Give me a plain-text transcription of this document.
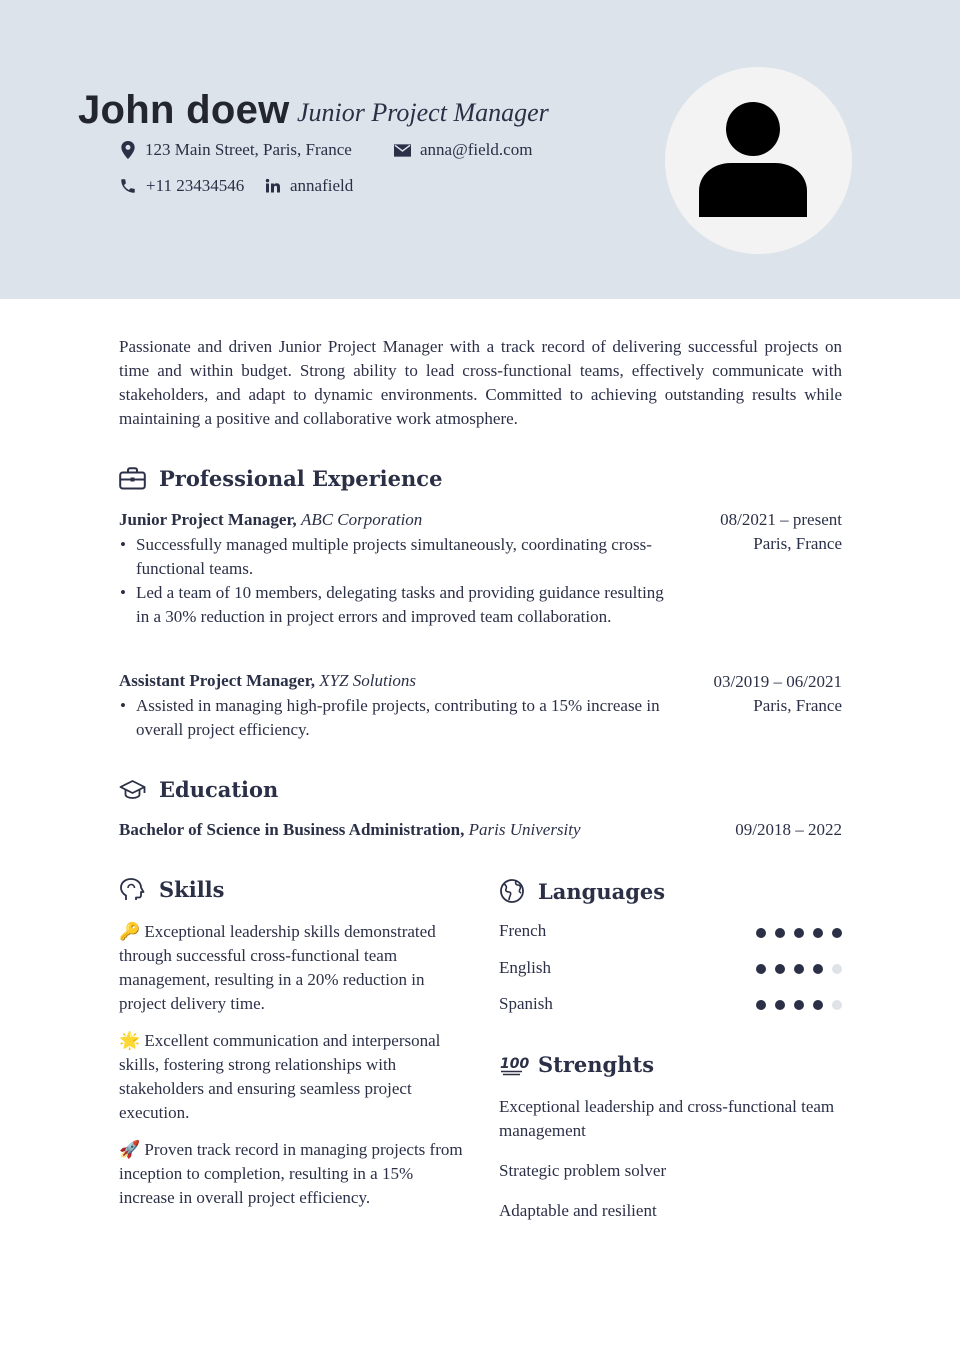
John doew Junior Project Manager
123 Main Street, Paris, France	anna@field.com
+11 23434546	annafield
Passionate and driven Junior Project Manager with a track record of delivering successful projects on time and within budget. Strong ability to lead cross-functional teams, effectively communicate with stakeholders, and adapt to dynamic environments. Committed to achieving outstanding results while maintaining a positive and collaborative work atmosphere.
Professional Experience
Junior Project Manager, ABC Corporation	08/2021 – present
Paris, France
• Successfully managed multiple projects simultaneously, coordinating cross-functional teams.
• Led a team of 10 members, delegating tasks and providing guidance resulting in a 30% reduction in project errors and improved team collaboration.
Assistant Project Manager, XYZ Solutions	03/2019 – 06/2021
Paris, France
• Assisted in managing high-profile projects, contributing to a 15% increase in overall project efficiency.
Education
Bachelor of Science in Business Administration, Paris University	09/2018 – 2022
Skills
🔑 Exceptional leadership skills demonstrated through successful cross-functional team management, resulting in a 20% reduction in project delivery time.
🌟 Excellent communication and interpersonal skills, fostering strong relationships with stakeholders and ensuring seamless project execution.
🚀 Proven track record in managing projects from inception to completion, resulting in a 15% increase in overall project efficiency.
Languages
French
English
Spanish
100 Strenghts
Exceptional leadership and cross-functional team management
Strategic problem solver
Adaptable and resilient
